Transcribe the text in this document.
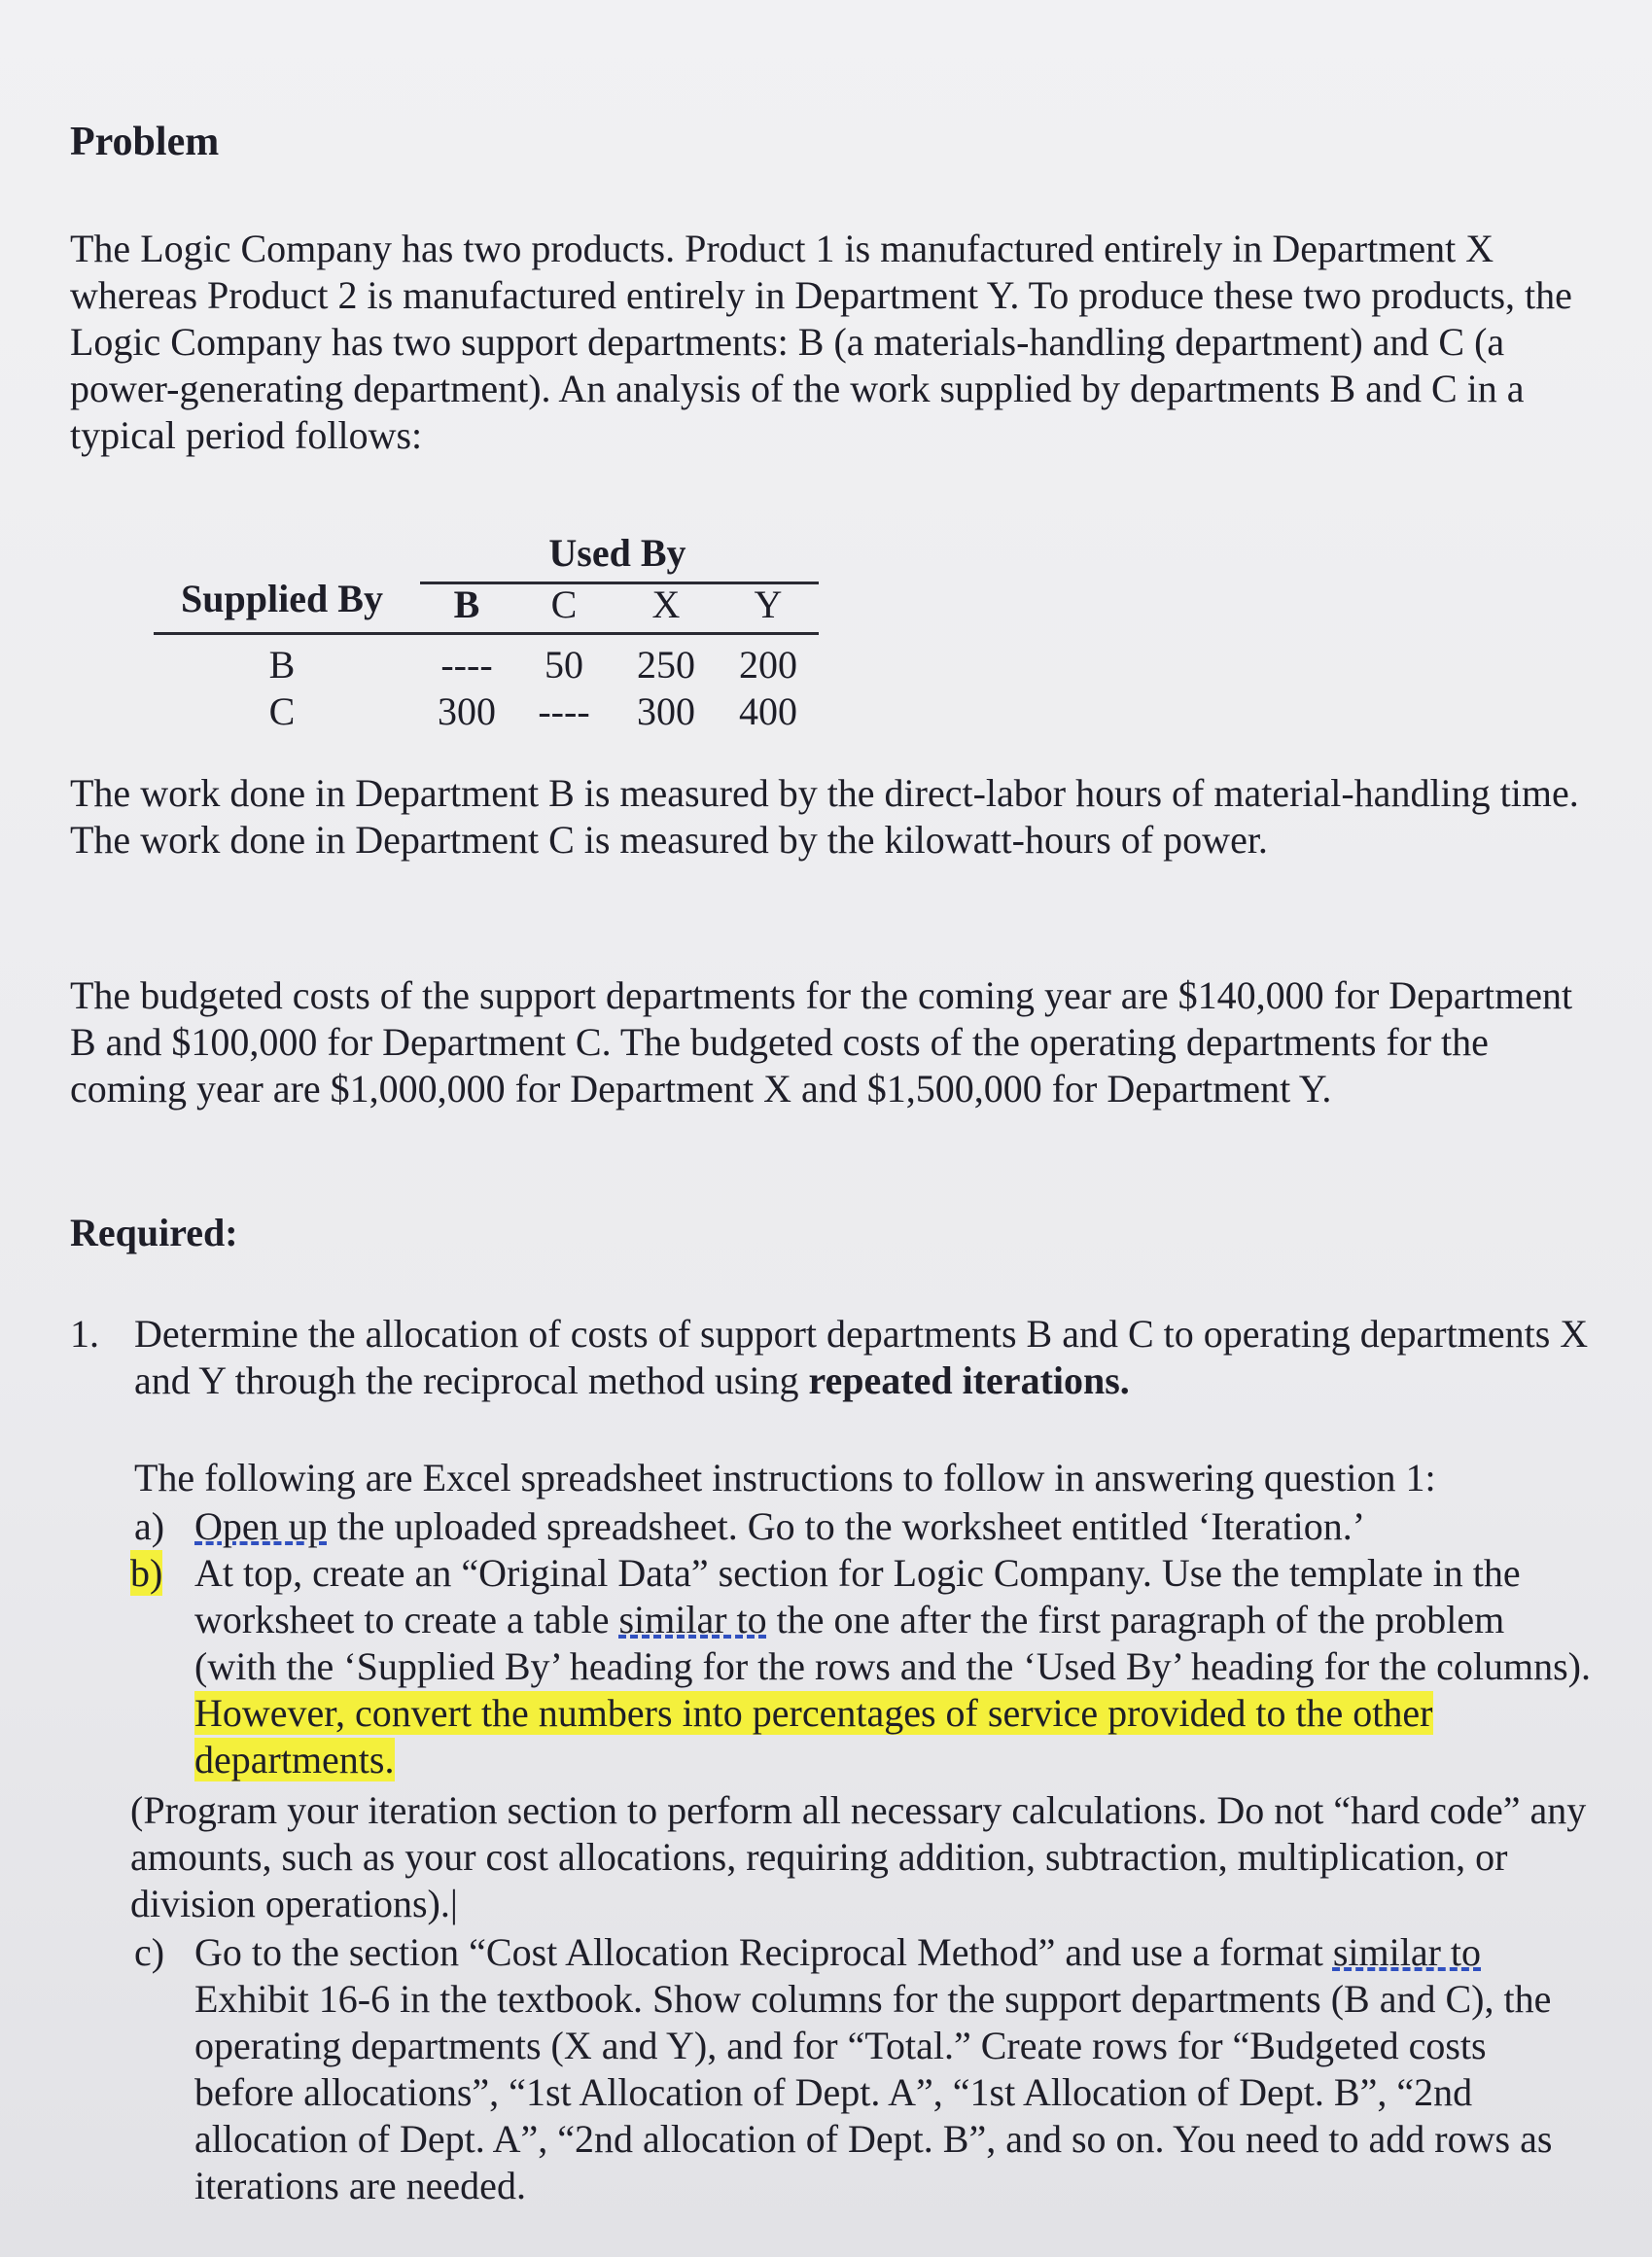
Problem

The Logic Company has two products. Product 1 is manufactured entirely in Department X whereas Product 2 is manufactured entirely in Department Y. To produce these two products, the Logic Company has two support departments: B (a materials-handling department) and C (a power-generating department). An analysis of the work supplied by departments B and C in a typical period follows:

Used By
Supplied By	B C X Y
B	----	50	250	200
C	300	----	300	400

The work done in Department B is measured by the direct-labor hours of material-handling time. The work done in Department C is measured by the kilowatt-hours of power.

The budgeted costs of the support departments for the coming year are $140,000 for Department B and $100,000 for Department C. The budgeted costs of the operating departments for the coming year are $1,000,000 for Department X and $1,500,000 for Department Y.

Required:
1. Determine the allocation of costs of support departments B and C to operating departments X and Y through the reciprocal method using repeated iterations.
The following are Excel spreadsheet instructions to follow in answering question 1:
a) Open up the uploaded spreadsheet. Go to the worksheet entitled ‘Iteration.’
b) At top, create an “Original Data” section for Logic Company. Use the template in the worksheet to create a table similar to the one after the first paragraph of the problem (with the ‘Supplied By’ heading for the rows and the ‘Used By’ heading for the columns). However, convert the numbers into percentages of service provided to the other departments.
(Program your iteration section to perform all necessary calculations. Do not “hard code” any amounts, such as your cost allocations, requiring addition, subtraction, multiplication, or division operations).|
c) Go to the section “Cost Allocation Reciprocal Method” and use a format similar to Exhibit 16-6 in the textbook. Show columns for the support departments (B and C), the operating departments (X and Y), and for “Total.” Create rows for “Budgeted costs before allocations”, “1st Allocation of Dept. A”, “1st Allocation of Dept. B”, “2nd allocation of Dept. A”, “2nd allocation of Dept. B”, and so on. You need to add rows as iterations are needed.
